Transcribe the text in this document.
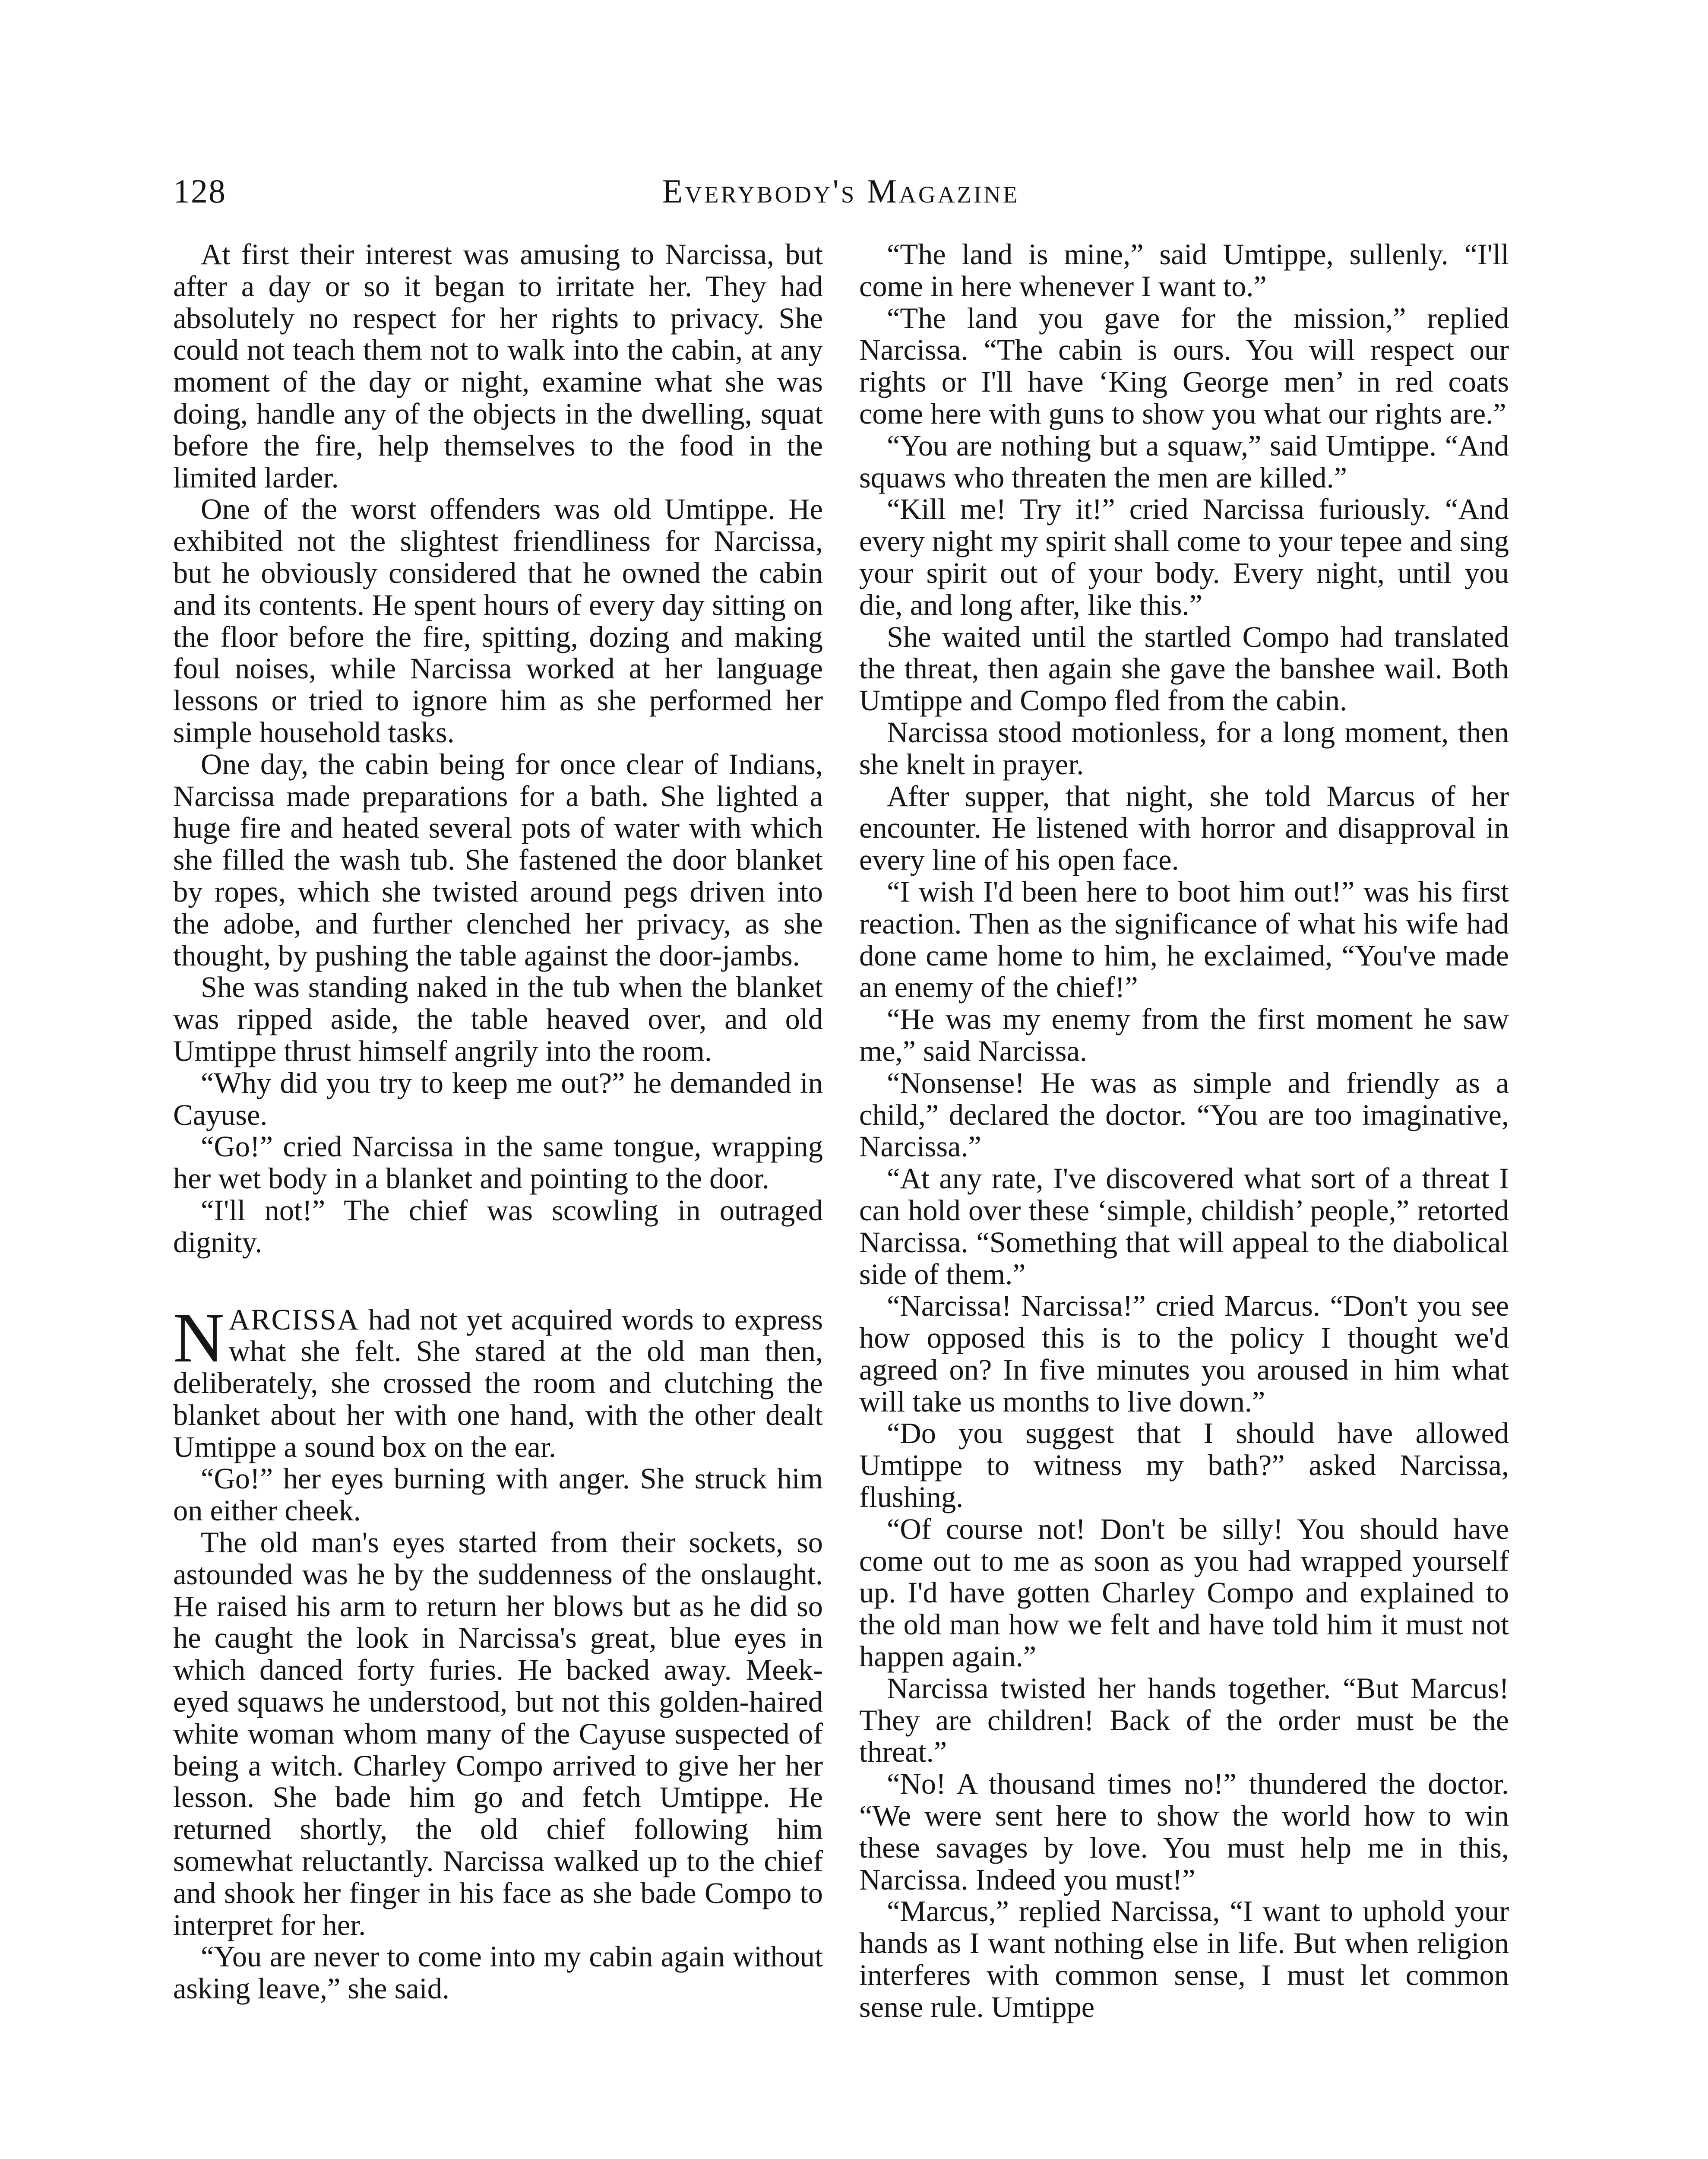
128	Everybody's Magazine

At first their interest was amusing to Narcissa, but after a day or so it began to irritate her. They had absolutely no respect for her rights to privacy. She could not teach them not to walk into the cabin, at any moment of the day or night, examine what she was doing, handle any of the objects in the dwelling, squat before the fire, help themselves to the food in the limited larder.

One of the worst offenders was old Umtippe. He exhibited not the slightest friendliness for Narcissa, but he obviously considered that he owned the cabin and its contents. He spent hours of every day sitting on the floor before the fire, spitting, dozing and making foul noises, while Narcissa worked at her language lessons or tried to ignore him as she performed her simple household tasks.

One day, the cabin being for once clear of Indians, Narcissa made preparations for a bath. She lighted a huge fire and heated several pots of water with which she filled the wash tub. She fastened the door blanket by ropes, which she twisted around pegs driven into the adobe, and further clenched her privacy, as she thought, by pushing the table against the door-jambs.

She was standing naked in the tub when the blanket was ripped aside, the table heaved over, and old Umtippe thrust himself angrily into the room.

“Why did you try to keep me out?” he demanded in Cayuse.

“Go!” cried Narcissa in the same tongue, wrapping her wet body in a blanket and pointing to the door.

“I'll not!” The chief was scowling in outraged dignity.

NARCISSA had not yet acquired words to express what she felt. She stared at the old man then, deliberately, she crossed the room and clutching the blanket about her with one hand, with the other dealt Umtippe a sound box on the ear.

“Go!” her eyes burning with anger. She struck him on either cheek.

The old man's eyes started from their sockets, so astounded was he by the suddenness of the onslaught. He raised his arm to return her blows but as he did so he caught the look in Narcissa's great, blue eyes in which danced forty furies. He backed away. Meek-eyed squaws he understood, but not this golden-haired white woman whom many of the Cayuse suspected of being a witch. Charley Compo arrived to give her her lesson. She bade him go and fetch Umtippe. He returned shortly, the old chief following him somewhat reluctantly. Narcissa walked up to the chief and shook her finger in his face as she bade Compo to interpret for her.

“You are never to come into my cabin again without asking leave,” she said.

“The land is mine,” said Umtippe, sullenly. “I'll come in here whenever I want to.”

“The land you gave for the mission,” replied Narcissa. “The cabin is ours. You will respect our rights or I'll have ‘King George men’ in red coats come here with guns to show you what our rights are.”

“You are nothing but a squaw,” said Umtippe. “And squaws who threaten the men are killed.”

“Kill me! Try it!” cried Narcissa furiously. “And every night my spirit shall come to your tepee and sing your spirit out of your body. Every night, until you die, and long after, like this.”

She waited until the startled Compo had translated the threat, then again she gave the banshee wail. Both Umtippe and Compo fled from the cabin.

Narcissa stood motionless, for a long moment, then she knelt in prayer.

After supper, that night, she told Marcus of her encounter. He listened with horror and disapproval in every line of his open face.

“I wish I'd been here to boot him out!” was his first reaction. Then as the significance of what his wife had done came home to him, he exclaimed, “You've made an enemy of the chief!”

“He was my enemy from the first moment he saw me,” said Narcissa.

“Nonsense! He was as simple and friendly as a child,” declared the doctor. “You are too imaginative, Narcissa.”

“At any rate, I've discovered what sort of a threat I can hold over these ‘simple, childish’ people,” retorted Narcissa. “Something that will appeal to the diabolical side of them.”

“Narcissa! Narcissa!” cried Marcus. “Don't you see how opposed this is to the policy I thought we'd agreed on? In five minutes you aroused in him what will take us months to live down.”

“Do you suggest that I should have allowed Umtippe to witness my bath?” asked Narcissa, flushing.

“Of course not! Don't be silly! You should have come out to me as soon as you had wrapped yourself up. I'd have gotten Charley Compo and explained to the old man how we felt and have told him it must not happen again.”

Narcissa twisted her hands together. “But Marcus! They are children! Back of the order must be the threat.”

“No! A thousand times no!” thundered the doctor. “We were sent here to show the world how to win these savages by love. You must help me in this, Narcissa. Indeed you must!”

“Marcus,” replied Narcissa, “I want to uphold your hands as I want nothing else in life. But when religion interferes with common sense, I must let common sense rule. Umtippe
